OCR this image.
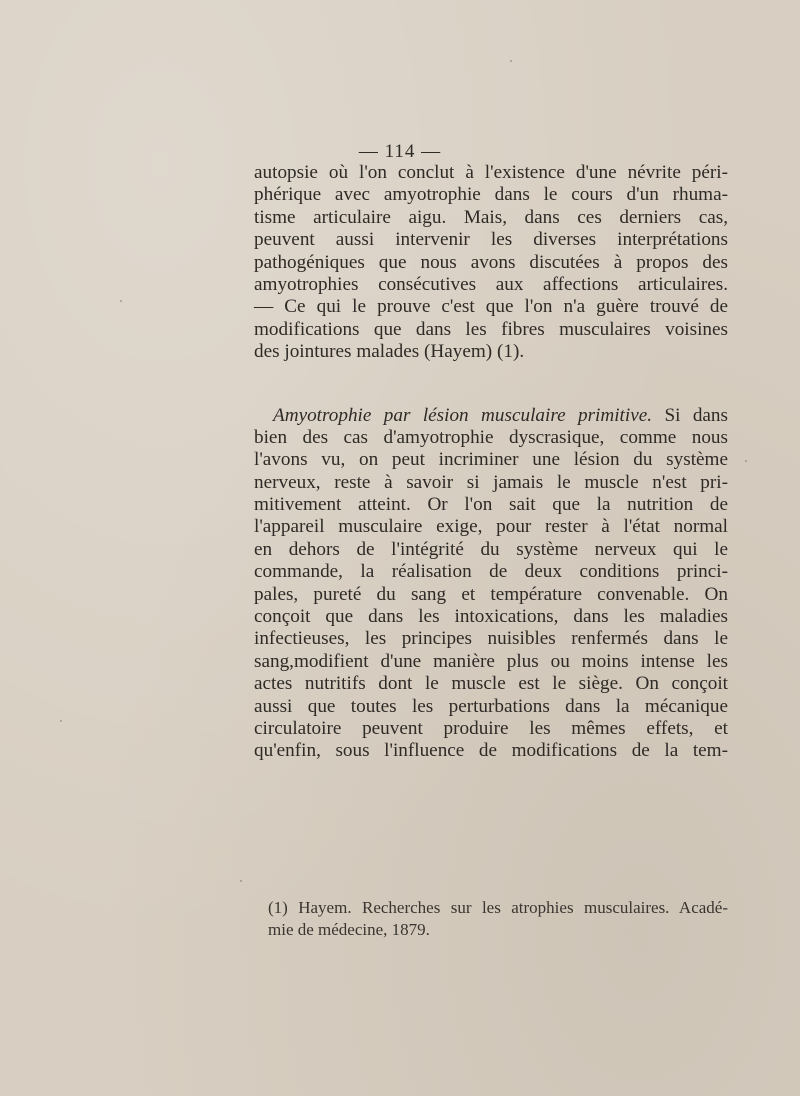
— 114 —

autopsie où l'on conclut à l'existence d'une névrite péri-
phérique avec amyotrophie dans le cours d'un rhuma-
tisme articulaire aigu. Mais, dans ces derniers cas,
peuvent aussi intervenir les diverses interprétations
pathogéniques que nous avons discutées à propos des
amyotrophies consécutives aux affections articulaires.
— Ce qui le prouve c'est que l'on n'a guère trouvé de
modifications que dans les fibres musculaires voisines
des jointures malades (Hayem) (1).

Amyotrophie par lésion musculaire primitive. Si dans
bien des cas d'amyotrophie dyscrasique, comme nous
l'avons vu, on peut incriminer une lésion du système
nerveux, reste à savoir si jamais le muscle n'est pri-
mitivement atteint. Or l'on sait que la nutrition de
l'appareil musculaire exige, pour rester à l'état normal
en dehors de l'intégrité du système nerveux qui le
commande, la réalisation de deux conditions princi-
pales, pureté du sang et température convenable. On
conçoit que dans les intoxications, dans les maladies
infectieuses, les principes nuisibles renfermés dans le
sang,modifient d'une manière plus ou moins intense les
actes nutritifs dont le muscle est le siège. On conçoit
aussi que toutes les perturbations dans la mécanique
circulatoire peuvent produire les mêmes effets, et
qu'enfin, sous l'influence de modifications de la tem-

(1) Hayem. Recherches sur les atrophies musculaires. Acadé-
mie de médecine, 1879.
